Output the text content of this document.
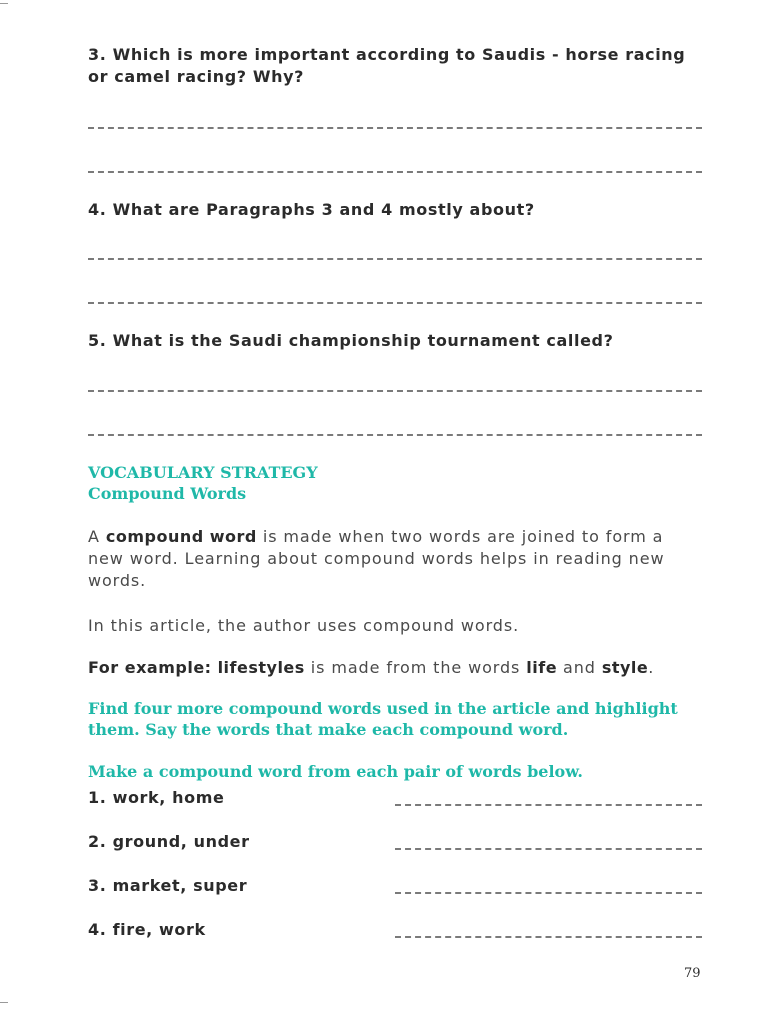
3. Which is more important according to Saudis - horse racing or camel racing? Why?
4. What are Paragraphs 3 and 4 mostly about?
5. What is the Saudi championship tournament called?
VOCABULARY STRATEGY
Compound Words
A compound word is made when two words are joined to form a new word. Learning about compound words helps in reading new words.
In this article, the author uses compound words.
For example: lifestyles is made from the words life and style.
Find four more compound words used in the article and highlight them. Say the words that make each compound word.
Make a compound word from each pair of words below.
1. work, home
2. ground, under
3. market, super
4. fire, work
79
